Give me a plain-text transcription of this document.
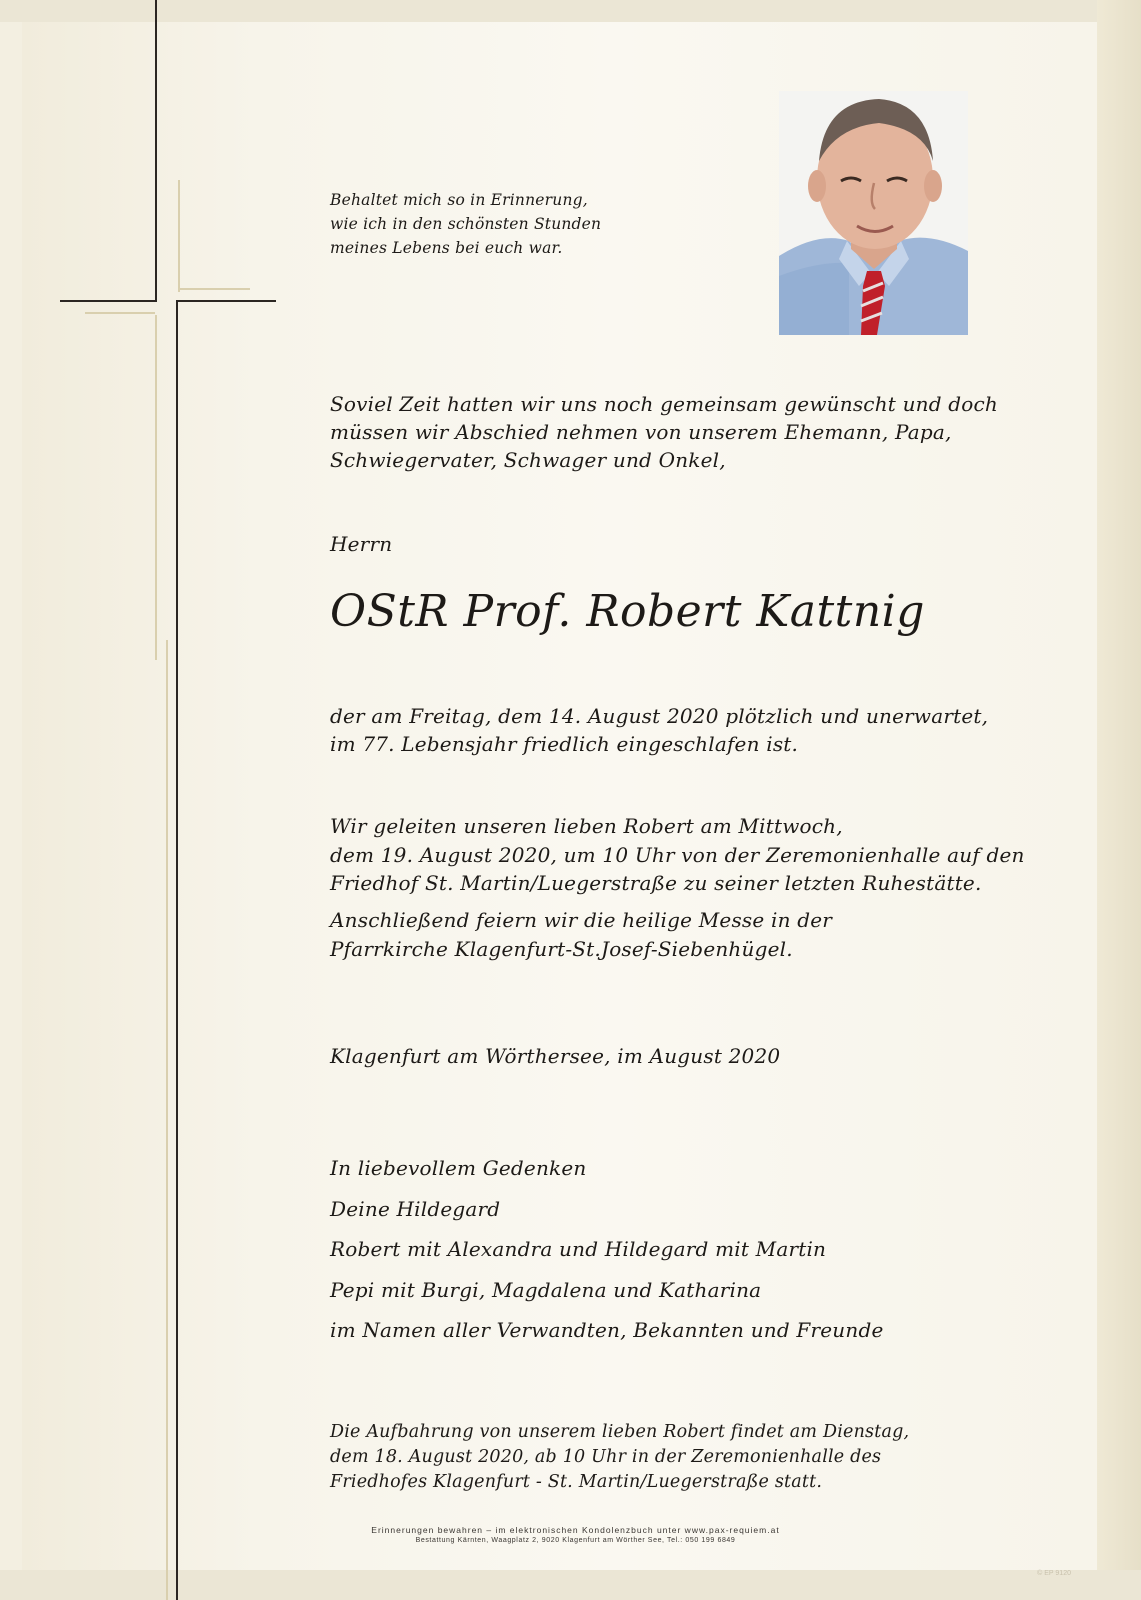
Behaltet mich so in Erinnerung,
wie ich in den schönsten Stunden
meines Lebens bei euch war.
Soviel Zeit hatten wir uns noch gemeinsam gewünscht und doch
müssen wir Abschied nehmen von unserem Ehemann, Papa,
Schwiegervater, Schwager und Onkel,
Herrn
OStR Prof. Robert Kattnig
der am Freitag, dem 14. August 2020 plötzlich und unerwartet,
im 77. Lebensjahr friedlich eingeschlafen ist.
Wir geleiten unseren lieben Robert am Mittwoch,
dem 19. August 2020, um 10 Uhr von der Zeremonienhalle auf den
Friedhof St. Martin/Luegerstraße zu seiner letzten Ruhestätte.
Anschließend feiern wir die heilige Messe in der
Pfarrkirche Klagenfurt-St.Josef-Siebenhügel.
Klagenfurt am Wörthersee, im August 2020
In liebevollem Gedenken
Deine Hildegard
Robert mit Alexandra und Hildegard mit Martin
Pepi mit Burgi, Magdalena und Katharina
im Namen aller Verwandten, Bekannten und Freunde
Die Aufbahrung von unserem lieben Robert findet am Dienstag,
dem 18. August 2020, ab 10 Uhr in der Zeremonienhalle des
Friedhofes Klagenfurt - St. Martin/Luegerstraße statt.
Erinnerungen bewahren – im elektronischen Kondolenzbuch unter www.pax-requiem.at
Bestattung Kärnten, Waagplatz 2, 9020 Klagenfurt am Wörther See, Tel.: 050 199 6849
© EP 9120
